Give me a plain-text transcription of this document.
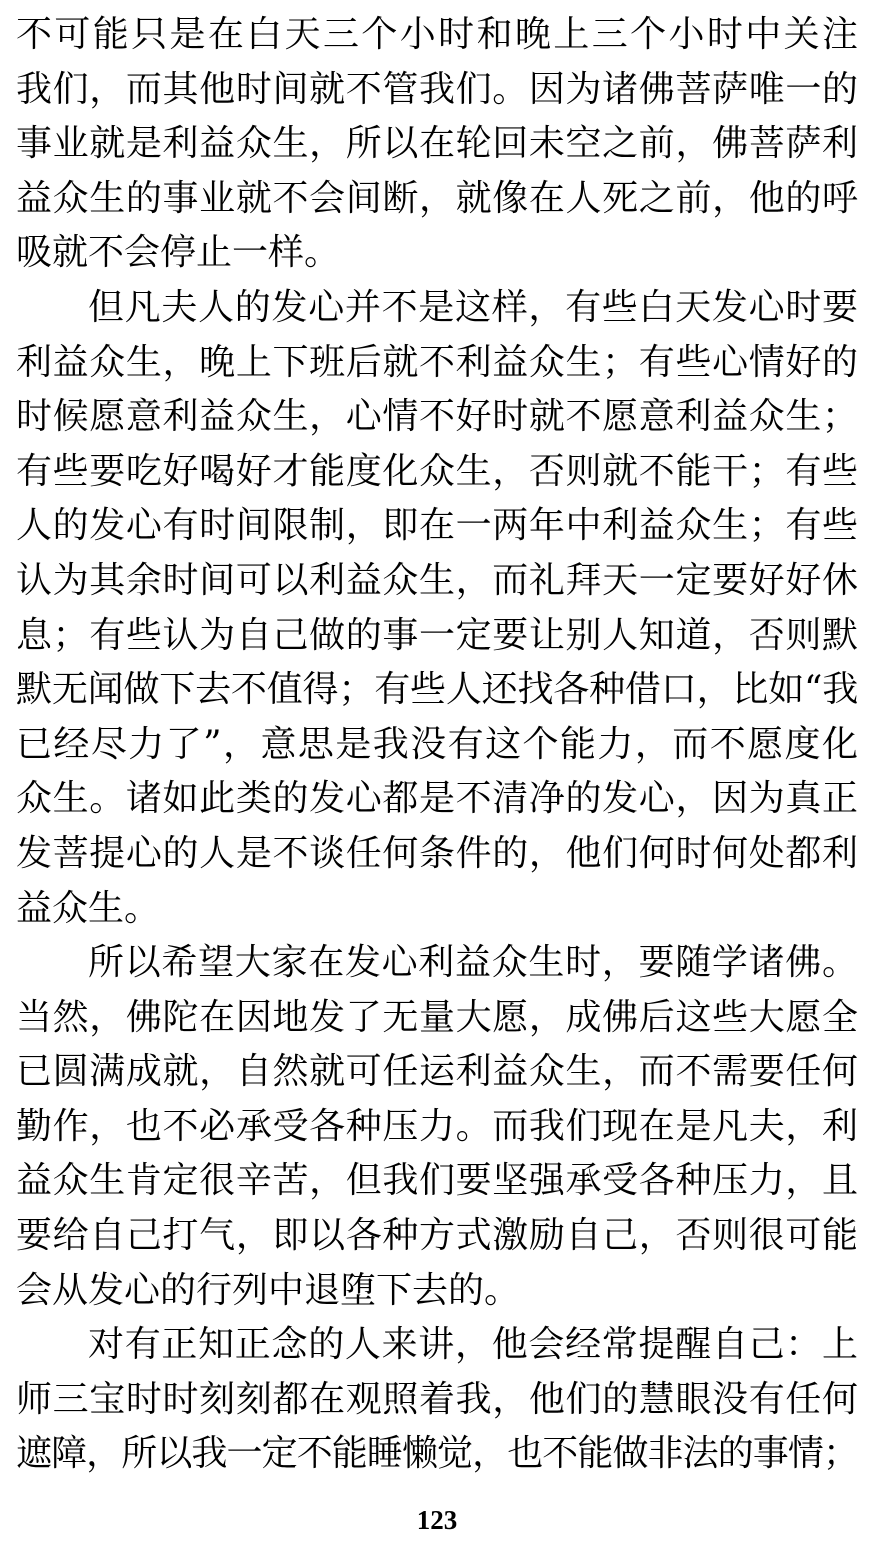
不可能只是在白天三个小时和晚上三个小时中关注
我们，而其他时间就不管我们。因为诸佛菩萨唯一的
事业就是利益众生，所以在轮回未空之前，佛菩萨利
益众生的事业就不会间断，就像在人死之前，他的呼
吸就不会停止一样。
但凡夫人的发心并不是这样，有些白天发心时要
利益众生，晚上下班后就不利益众生；有些心情好的
时候愿意利益众生，心情不好时就不愿意利益众生；
有些要吃好喝好才能度化众生，否则就不能干；有些
人的发心有时间限制，即在一两年中利益众生；有些
认为其余时间可以利益众生，而礼拜天一定要好好休
息；有些认为自己做的事一定要让别人知道，否则默
默无闻做下去不值得；有些人还找各种借口，比如“我
已经尽力了”，意思是我没有这个能力，而不愿度化
众生。诸如此类的发心都是不清净的发心，因为真正
发菩提心的人是不谈任何条件的，他们何时何处都利
益众生。
所以希望大家在发心利益众生时，要随学诸佛。
当然，佛陀在因地发了无量大愿，成佛后这些大愿全
已圆满成就，自然就可任运利益众生，而不需要任何
勤作，也不必承受各种压力。而我们现在是凡夫，利
益众生肯定很辛苦，但我们要坚强承受各种压力，且
要给自己打气，即以各种方式激励自己，否则很可能
会从发心的行列中退堕下去的。
对有正知正念的人来讲，他会经常提醒自己：上
师三宝时时刻刻都在观照着我，他们的慧眼没有任何
遮障，所以我一定不能睡懒觉，也不能做非法的事情；
123
